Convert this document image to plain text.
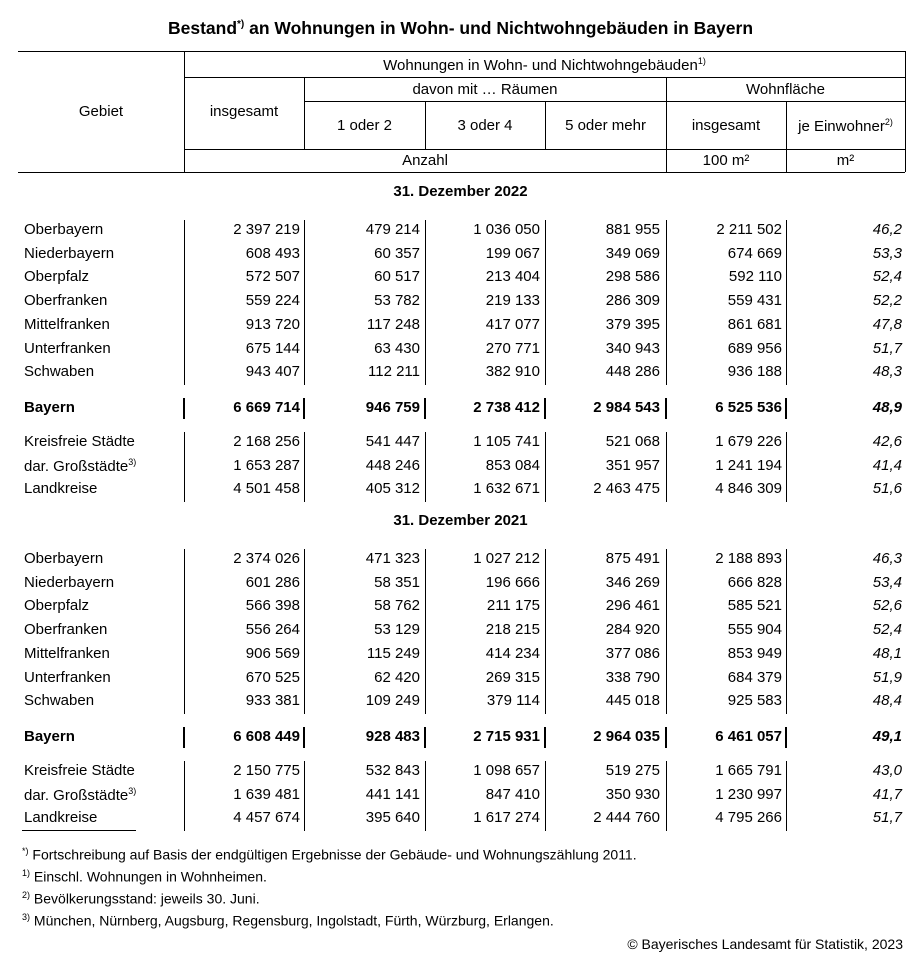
Bestand*) an Wohnungen in Wohn- und Nichtwohngebäuden in Bayern
Gebiet
Wohnungen in Wohn- und Nichtwohngebäuden$^{1)}$
insgesamt
davon mit … Räumen
1 oder 2	3 oder 4	5 oder mehr
Wohnfläche
insgesamt	je Einwohner$^{2)}$
Anzahl	100 m²	m²
31. Dezember 2022
Oberbayern	2 397 219	479 214	1 036 050	881 955	2 211 502	46,2
Niederbayern	608 493	60 357	199 067	349 069	674 669	53,3
Oberpfalz	572 507	60 517	213 404	298 586	592 110	52,4
Oberfranken	559 224	53 782	219 133	286 309	559 431	52,2
Mittelfranken	913 720	117 248	417 077	379 395	861 681	47,8
Unterfranken	675 144	63 430	270 771	340 943	689 956	51,7
Schwaben	943 407	112 211	382 910	448 286	936 188	48,3
Bayern	6 669 714	946 759	2 738 412	2 984 543	6 525 536	48,9
Kreisfreie Städte	2 168 256	541 447	1 105 741	521 068	1 679 226	42,6
dar. Großstädte$^{3)}$	1 653 287	448 246	853 084	351 957	1 241 194	41,4
Landkreise	4 501 458	405 312	1 632 671	2 463 475	4 846 309	51,6
31. Dezember 2021
Oberbayern	2 374 026	471 323	1 027 212	875 491	2 188 893	46,3
Niederbayern	601 286	58 351	196 666	346 269	666 828	53,4
Oberpfalz	566 398	58 762	211 175	296 461	585 521	52,6
Oberfranken	556 264	53 129	218 215	284 920	555 904	52,4
Mittelfranken	906 569	115 249	414 234	377 086	853 949	48,1
Unterfranken	670 525	62 420	269 315	338 790	684 379	51,9
Schwaben	933 381	109 249	379 114	445 018	925 583	48,4
Bayern	6 608 449	928 483	2 715 931	2 964 035	6 461 057	49,1
Kreisfreie Städte	2 150 775	532 843	1 098 657	519 275	1 665 791	43,0
dar. Großstädte$^{3)}$	1 639 481	441 141	847 410	350 930	1 230 997	41,7
Landkreise	4 457 674	395 640	1 617 274	2 444 760	4 795 266	51,7
*) Fortschreibung auf Basis der endgültigen Ergebnisse der Gebäude- und Wohnungszählung 2011.
$^{1)}$ Einschl. Wohnungen in Wohnheimen.
$^{2)}$ Bevölkerungsstand: jeweils 30. Juni.
$^{3)}$ München, Nürnberg, Augsburg, Regensburg, Ingolstadt, Fürth, Würzburg, Erlangen.
© Bayerisches Landesamt für Statistik, 2023
